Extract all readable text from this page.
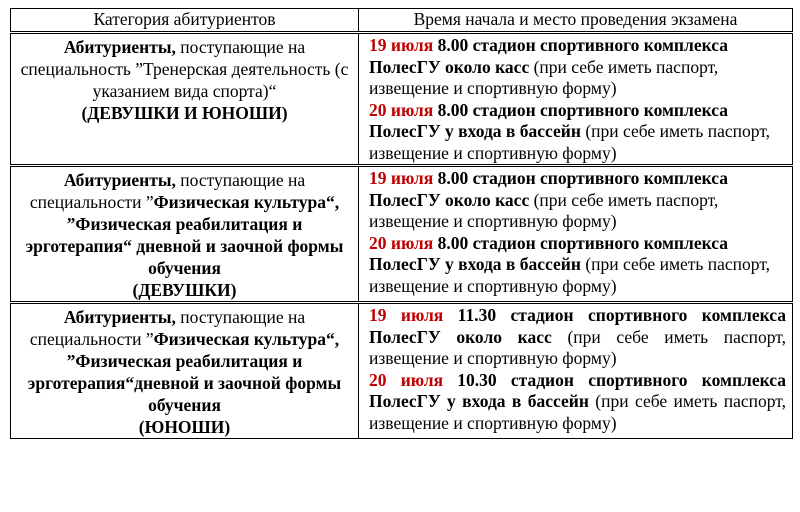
Категория абитуриентов	Время начала и место проведения экзамена
Абитуриенты, поступающие на специальность ”Тренерская деятельность (с указанием вида спорта)“
(ДЕВУШКИ И ЮНОШИ)	19 июля 8.00 стадион спортивного комплекса ПолесГУ около касс (при себе иметь паспорт, извещение и спортивную форму)
20 июля 8.00 стадион спортивного комплекса ПолесГУ у входа в бассейн (при себе иметь паспорт, извещение и спортивную форму)

Абитуриенты, поступающие на специальности ”Физическая культура“, ”Физическая реабилитация и эрготерапия“ дневной и заочной формы обучения
(ДЕВУШКИ)	19 июля 8.00 стадион спортивного комплекса ПолесГУ около касс (при себе иметь паспорт, извещение и спортивную форму)
20 июля 8.00 стадион спортивного комплекса ПолесГУ у входа в бассейн (при себе иметь паспорт, извещение и спортивную форму)

Абитуриенты, поступающие на специальности ”Физическая культура“, ”Физическая реабилитация и эрготерапия“дневной и заочной формы обучения
(ЮНОШИ)	19 июля 11.30 стадион спортивного комплекса ПолесГУ около касс (при себе иметь паспорт, извещение и спортивную форму)
20 июля 10.30 стадион спортивного комплекса ПолесГУ у входа в бассейн (при себе иметь паспорт, извещение и спортивную форму)
